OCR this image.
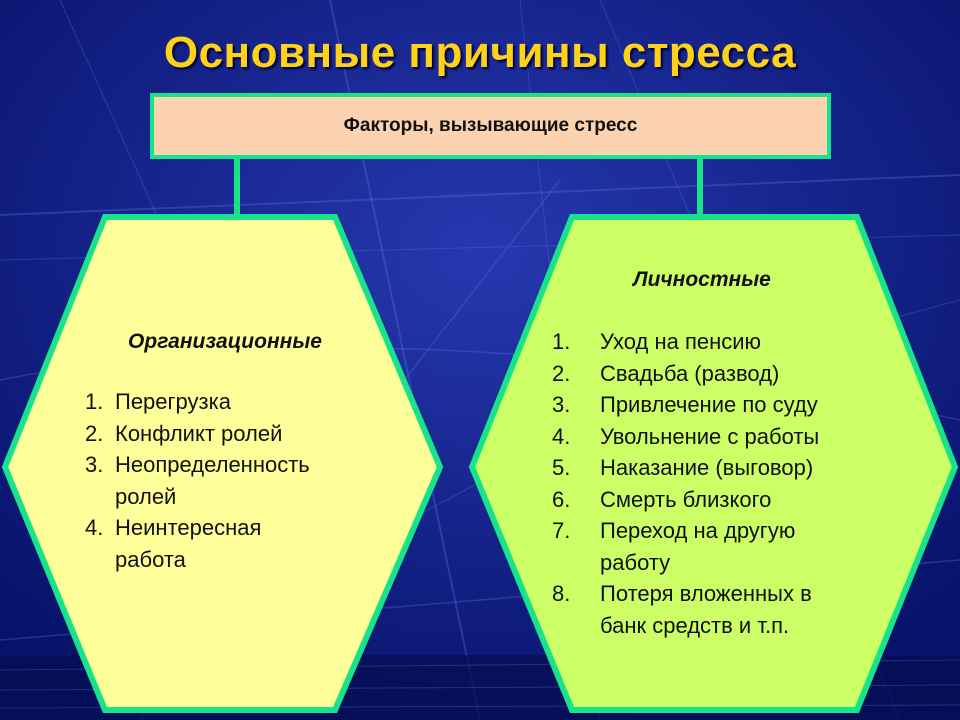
Основные причины стресса
Факторы, вызывающие стресс
Организационные
1. Перегрузка
2. Конфликт ролей
3. Неопределенность ролей
4. Неинтересная работа
Личностные
1.	Уход на пенсию
2.	Свадьба (развод)
3.	Привлечение по суду
4.	Увольнение с работы
5.	Наказание (выговор)
6.	Смерть близкого
7.	Переход на другую работу
8.	Потеря вложенных в банк средств и т.п.
